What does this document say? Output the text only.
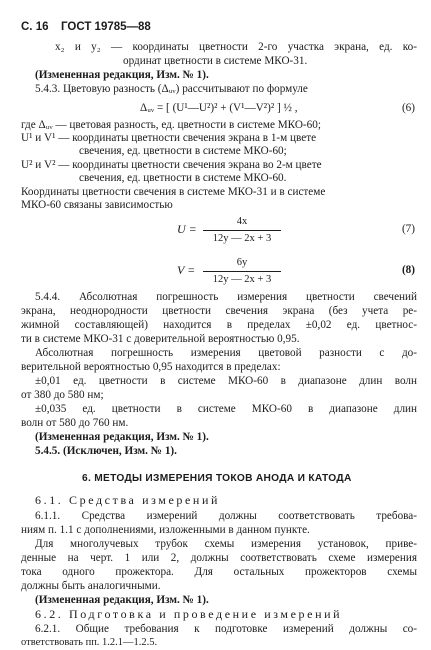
С. 16 ГОСТ 19785—88
x₂ и y₂ — координаты цветности 2-го участка экрана, ед. ко-
ординат цветности в системе МКО-31.
(Измененная редакция, Изм. № 1).
5.4.3. Цветовую разность (Δᵤᵥ) рассчитывают по формуле
Δᵤᵥ = [ (U¹—U²)² + (V¹—V²)² ] ½ ,	(6)
где Δᵤᵥ — цветовая разность, ед. цветности в системе МКО-60;
U¹ и V¹ — координаты цветности свечения экрана в 1-м цвете
свечения, ед. цветности в системе МКО-60;
U² и V² — координаты цветности свечения экрана во 2-м цвете
свечения, ед. цветности в системе МКО-60.
Координаты цветности свечения в системе МКО-31 и в системе
МКО-60 связаны зависимостью
$U = \frac{4x}{12y — 2x + 3}$	(7)
$V = \frac{6y}{12y — 2x + 3}$	(8)
5.4.4. Абсолютная погрешность измерения цветности свечений
экрана, неоднородности цветности свечения экрана (без учета ре-
жимной составляющей) находится в пределах ±0,02 ед. цветнос-
ти в системе МКО-31 с доверительной вероятностью 0,95.
Абсолютная погрешность измерения цветовой разности с до-
верительной вероятностью 0,95 находится в пределах:
±0,01 ед. цветности в системе МКО-60 в диапазоне длин волн
от 380 до 580 нм;
±0,035 ед. цветности в системе МКО-60 в диапазоне длин
волн от 580 до 760 нм.
(Измененная редакция, Изм. № 1).
5.4.5. (Исключен, Изм. № 1).
6. МЕТОДЫ ИЗМЕРЕНИЯ ТОКОВ АНОДА И КАТОДА
6.1. Средства измерений
6.1.1. Средства измерений должны соответствовать требова-
ниям п. 1.1 с дополнениями, изложенными в данном пункте.
Для многолучевых трубок схемы измерения установок, приве-
денные на черт. 1 или 2, должны соответствовать схеме измерения
тока одного прожектора. Для остальных прожекторов схемы
должны быть аналогичными.
(Измененная редакция, Изм. № 1).
6.2. Подготовка и проведение измерений
6.2.1. Общие требования к подготовке измерений должны со-
ответствовать пп. 1.2.1—1.2.5.
